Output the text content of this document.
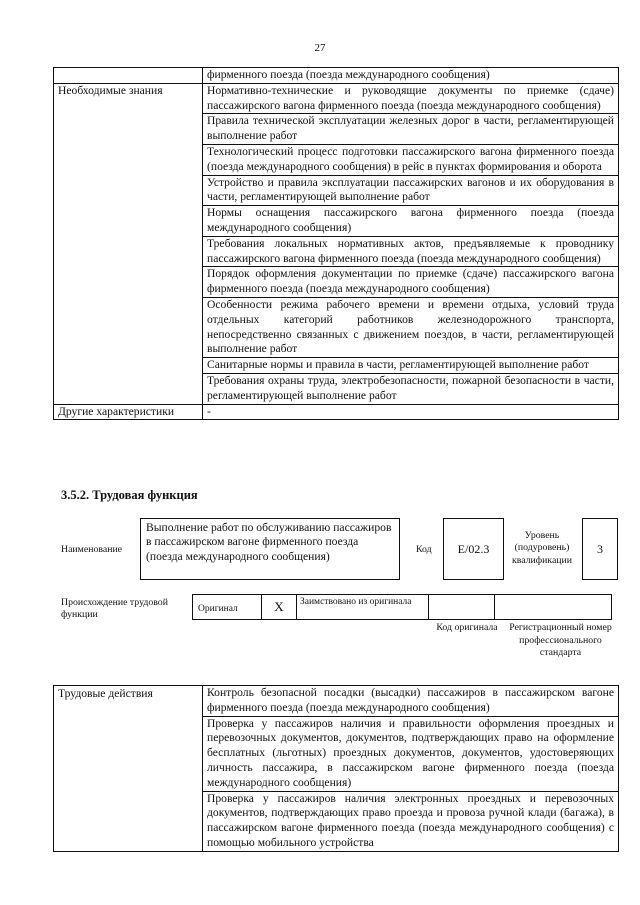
27
	фирменного поезда (поезда международного сообщения)
Необходимые знания	Нормативно-технические и руководящие документы по приемке (сдаче) пассажирского вагона фирменного поезда (поезда международного сообщения)
	Правила технической эксплуатации железных дорог в части, регламентирующей выполнение работ
	Технологический процесс подготовки пассажирского вагона фирменного поезда (поезда международного сообщения) в рейс в пунктах формирования и оборота
	Устройство и правила эксплуатации пассажирских вагонов и их оборудования в части, регламентирующей выполнение работ
	Нормы оснащения пассажирского вагона фирменного поезда (поезда международного сообщения)
	Требования локальных нормативных актов, предъявляемые к проводнику пассажирского вагона фирменного поезда (поезда международного сообщения)
	Порядок оформления документации по приемке (сдаче) пассажирского вагона фирменного поезда (поезда международного сообщения)
	Особенности режима рабочего времени и времени отдыха, условий труда отдельных категорий работников железнодорожного транспорта, непосредственно связанных с движением поездов, в части, регламентирующей выполнение работ
	Санитарные нормы и правила в части, регламентирующей выполнение работ
	Требования охраны труда, электробезопасности, пожарной безопасности в части, регламентирующей выполнение работ
Другие характеристики	-
3.5.2. Трудовая функция
Наименование
Выполнение работ по обслуживанию пассажиров в пассажирском вагоне фирменного поезда (поезда международного сообщения)
Код	E/02.3
Уровень (подуровень) квалификации
3
Происхождение трудовой функции	Оригинал	X	Заимствовано из оригинала
Код оригинала	Регистрационный номер профессионального стандарта
Трудовые действия	Контроль безопасной посадки (высадки) пассажиров в пассажирском вагоне фирменного поезда (поезда международного сообщения)
Проверка у пассажиров наличия и правильности оформления проездных и перевозочных документов, документов, подтверждающих право на оформление бесплатных (льготных) проездных документов, документов, удостоверяющих личность пассажира, в пассажирском вагоне фирменного поезда (поезда международного сообщения)
Проверка у пассажиров наличия электронных проездных и перевозочных документов, подтверждающих право проезда и провоза ручной клади (багажа), в пассажирском вагоне фирменного поезда (поезда международного сообщения) с помощью мобильного устройства
